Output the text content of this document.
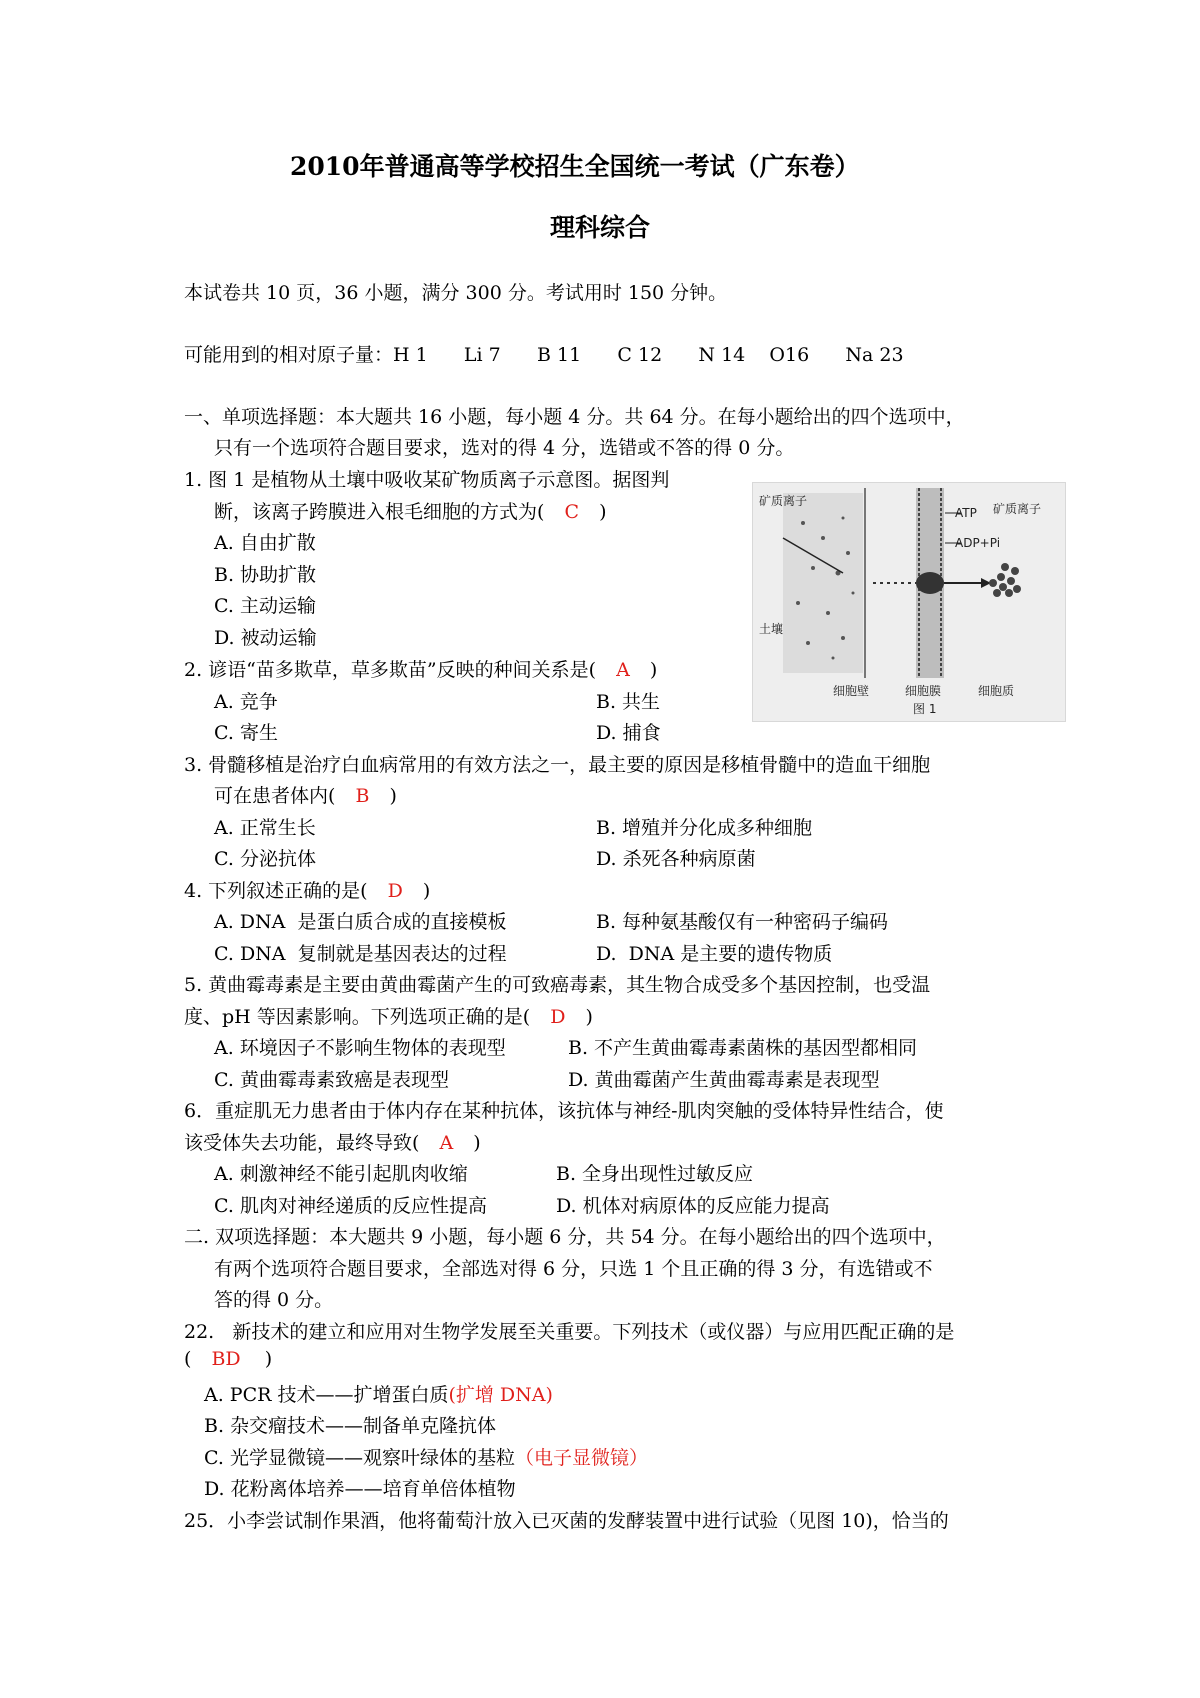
2010年普通高等学校招生全国统一考试（广东卷）
理科综合
本试卷共 10 页，36 小题，满分 300 分。考试用时 150 分钟。
可能用到的相对原子量：H 1      Li 7      B 11      C 12      N 14    O16      Na 23
一、单项选择题：本大题共 16 小题，每小题 4 分。共 64 分。在每小题给出的四个选项中，
只有一个选项符合题目要求，选对的得 4 分，选错或不答的得 0 分。
1. 图 1 是植物从土壤中吸收某矿物质离子示意图。据图判
断，该离子跨膜进入根毛细胞的方式为( C )
A. 自由扩散
B. 协助扩散
C. 主动运输
D. 被动运输
矿质离子
土壤
ATP
ADP+Pi
矿质离子
细胞壁	细胞膜	细胞质
图 1
2. 谚语“苗多欺草，草多欺苗”反映的种间关系是( A )
A. 竞争	B. 共生
C. 寄生	D. 捕食
3. 骨髓移植是治疗白血病常用的有效方法之一，最主要的原因是移植骨髓中的造血干细胞
可在患者体内( B )
A. 正常生长	B. 增殖并分化成多种细胞
C. 分泌抗体	D. 杀死各种病原菌
4. 下列叙述正确的是( D )
A. DNA  是蛋白质合成的直接模板	B. 每种氨基酸仅有一种密码子编码
C. DNA  复制就是基因表达的过程	D.  DNA 是主要的遗传物质
5. 黄曲霉毒素是主要由黄曲霉菌产生的可致癌毒素，其生物合成受多个基因控制，也受温
度、pH 等因素影响。下列选项正确的是( D )
A. 环境因子不影响生物体的表现型	B. 不产生黄曲霉毒素菌株的基因型都相同
C. 黄曲霉毒素致癌是表现型	D. 黄曲霉菌产生黄曲霉毒素是表现型
6．重症肌无力患者由于体内存在某种抗体，该抗体与神经-肌肉突触的受体特异性结合，使
该受体失去功能，最终导致( A )
A. 刺激神经不能引起肌肉收缩	B. 全身出现性过敏反应
C. 肌肉对神经递质的反应性提高	D. 机体对病原体的反应能力提高
二. 双项选择题：本大题共 9 小题，每小题 6 分，共 54 分。在每小题给出的四个选项中，
有两个选项符合题目要求，全部选对得 6 分，只选 1 个且正确的得 3 分，有选错或不
答的得 0 分。
22.   新技术的建立和应用对生物学发展至关重要。下列技术（或仪器）与应用匹配正确的是
( BD )
A. PCR 技术——扩增蛋白质(扩增 DNA)
B. 杂交瘤技术——制备单克隆抗体
C. 光学显微镜——观察叶绿体的基粒（电子显微镜）
D. 花粉离体培养——培育单倍体植物
25．小李尝试制作果酒，他将葡萄汁放入已灭菌的发酵装置中进行试验（见图 10)，恰当的
